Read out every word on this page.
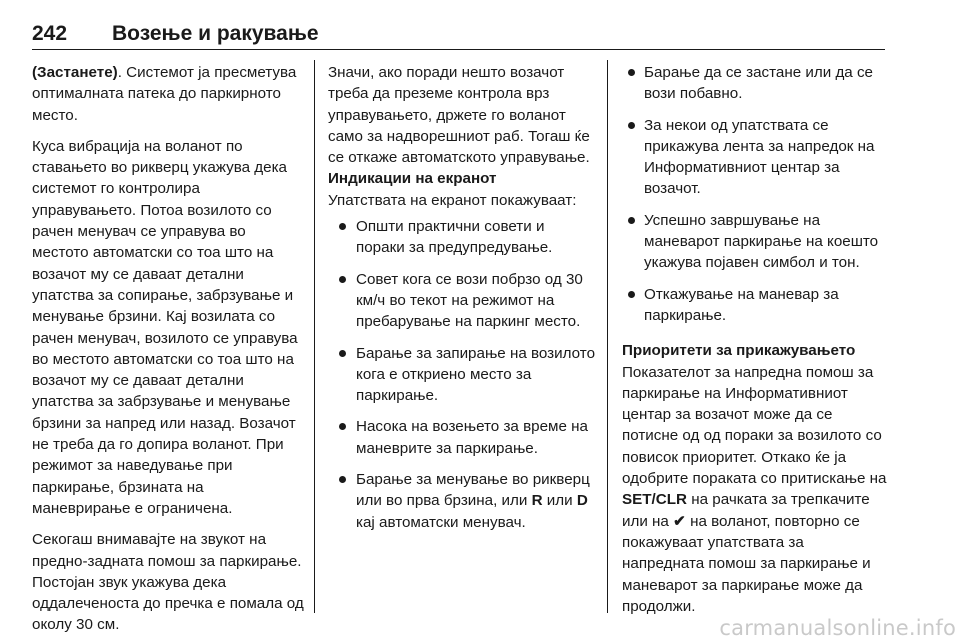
242 Возење и ракување

(Застанете). Системот ја пресметува оптималната патека до паркирното место.

Куса вибрација на воланот по ставањето во рикверц укажува дека системот го контролира управувањето. Потоа возилото со рачен менувач се управува во местото автоматски со тоа што на возачот му се даваат детални упатства за сопирање, забрзување и менување брзини. Кај возилата со рачен менувач, возилото се управува во местото автоматски со тоа што на возачот му се даваат детални упатства за забрзување и менување брзини за напред или назад. Возачот не треба да го допира воланот. При режимот за наведување при паркирање, брзината на маневрирање е ограничена.

Секогаш внимавајте на звукот на предно-задната помош за паркирање. Постојан звук укажува дека оддалеченоста до пречка е помала од околу 30 см.

Значи, ако поради нешто возачот треба да преземе контрола врз управувањето, држете го воланот само за надворешниот раб. Тогаш ќе се откаже автоматското управување.

Индикации на екранот

Упатствата на екранот покажуваат:

Општи практични совети и пораки за предупредување.
Совет кога се вози побрзо од 30 км/ч во текот на режимот на пребарување на паркинг место.
Барање за запирање на возилото кога е откриено место за паркирање.
Насока на возењето за време на маневрите за паркирање.
Барање за менување во рикверц или во прва брзина, или R или D кај автоматски менувач.
Барање да се застане или да се вози побавно.
За некои од упатствата се прикажува лента за напредок на Информативниот центар за возачот.
Успешно завршување на маневарот паркирање на коешто укажува појавен симбол и тон.
Откажување на маневар за паркирање.
Приоритети за прикажувањето

Показателот за напредна помош за паркирање на Информативниот центар за возачот може да се потисне од од пораки за возилото со повисок приоритет. Откако ќе ја одобрите пораката со притискање на SET/CLR на рачката за трепкачите или на ✔ на воланот, повторно се покажуваат упатствата за напредната помош за паркирање и маневарот за паркирање може да продолжи.

carmanualsonline.info
